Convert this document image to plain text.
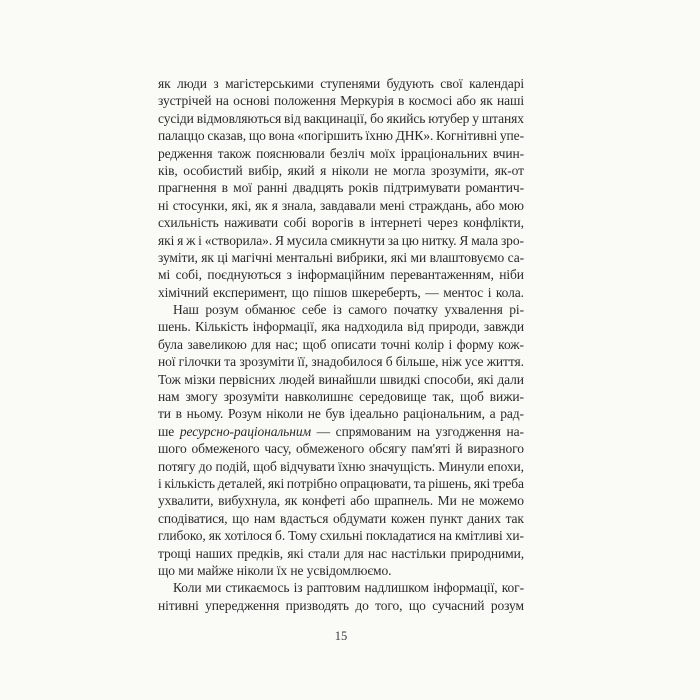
як люди з магістерськими ступенями будують свої календарі
зустрічей на основі положення Меркурія в космосі або як наші
сусіди відмовляються від вакцинації, бо якийсь ютубер у штанях
палаццо сказав, що вона «погіршить їхню ДНК». Когнітивні упе-
редження також пояснювали безліч моїх ірраціональних вчин-
ків, особистий вибір, який я ніколи не могла зрозуміти, як-от
прагнення в мої ранні двадцять років підтримувати романтич-
ні стосунки, які, як я знала, завдавали мені страждань, або мою
схильність наживати собі ворогів в інтернеті через конфлікти,
які я ж і «створила». Я мусила смикнути за цю нитку. Я мала зро-
зуміти, як ці магічні ментальні вибрики, які ми влаштовуємо са-
мі собі, поєднуються з інформаційним перевантаженням, ніби
хімічний експеримент, що пішов шкереберть, — ментос і кола.
Наш розум обманює себе із самого початку ухвалення рі-
шень. Кількість інформації, яка надходила від природи, завжди
була завеликою для нас; щоб описати точні колір і форму кож-
ної гілочки та зрозуміти її, знадобилося б більше, ніж усе життя.
Тож мізки первісних людей винайшли швидкі способи, які дали
нам змогу зрозуміти навколишнє середовище так, щоб вижи-
ти в ньому. Розум ніколи не був ідеально раціональним, а рад-
ше ресурсно-раціональним — спрямованим на узгодження на-
шого обмеженого часу, обмеженого обсягу пам'яті й виразного
потягу до подій, щоб відчувати їхню значущість. Минули епохи,
і кількість деталей, які потрібно опрацювати, та рішень, які треба
ухвалити, вибухнула, як конфеті або шрапнель. Ми не можемо
сподіватися, що нам вдасться обдумати кожен пункт даних так
глибоко, як хотілося б. Тому схильні покладатися на кмітливі хи-
трощі наших предків, які стали для нас настільки природними,
що ми майже ніколи їх не усвідомлюємо.
Коли ми стикаємось із раптовим надлишком інформації, ког-
нітивні упередження призводять до того, що сучасний розум
15
